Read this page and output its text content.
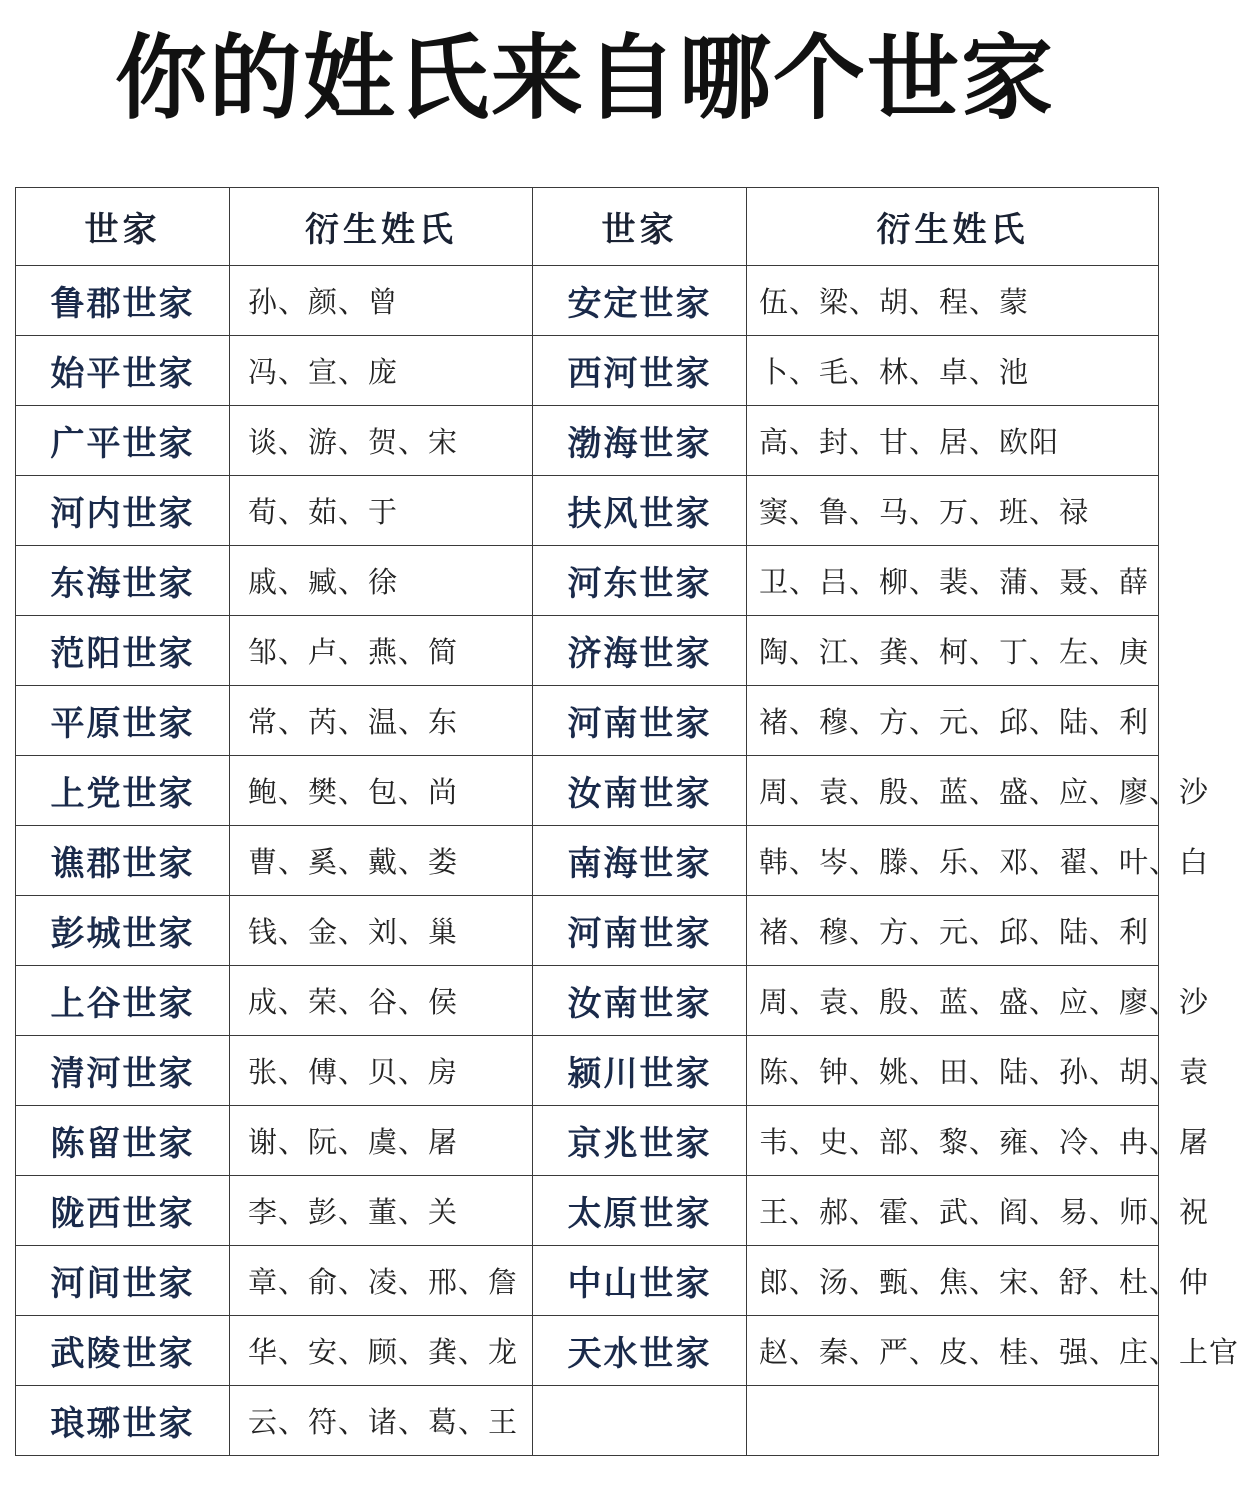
你的姓氏来自哪个世家
世家	衍生姓氏	世家	衍生姓氏
鲁郡世家	孙、颜、曾	安定世家	伍、梁、胡、程、蒙
始平世家	冯、宣、庞	西河世家	卜、毛、林、卓、池
广平世家	谈、游、贺、宋	渤海世家	高、封、甘、居、欧阳
河内世家	荀、茹、于	扶风世家	窦、鲁、马、万、班、禄
东海世家	戚、臧、徐	河东世家	卫、吕、柳、裴、蒲、聂、薛
范阳世家	邹、卢、燕、简	济海世家	陶、江、龚、柯、丁、左、庚
平原世家	常、芮、温、东	河南世家	褚、穆、方、元、邱、陆、利
上党世家	鲍、樊、包、尚	汝南世家	周、袁、殷、蓝、盛、应、廖、沙
谯郡世家	曹、奚、戴、娄	南海世家	韩、岑、滕、乐、邓、翟、叶、白
彭城世家	钱、金、刘、巢	河南世家	褚、穆、方、元、邱、陆、利
上谷世家	成、荣、谷、侯	汝南世家	周、袁、殷、蓝、盛、应、廖、沙
清河世家	张、傅、贝、房	颍川世家	陈、钟、姚、田、陆、孙、胡、袁
陈留世家	谢、阮、虞、屠	京兆世家	韦、史、部、黎、雍、冷、冉、屠
陇西世家	李、彭、董、关	太原世家	王、郝、霍、武、阎、易、师、祝
河间世家	章、俞、凌、邢、詹	中山世家	郎、汤、甄、焦、宋、舒、杜、仲
武陵世家	华、安、顾、龚、龙	天水世家	赵、秦、严、皮、桂、强、庄、上官
琅琊世家	云、符、诸、葛、王		
